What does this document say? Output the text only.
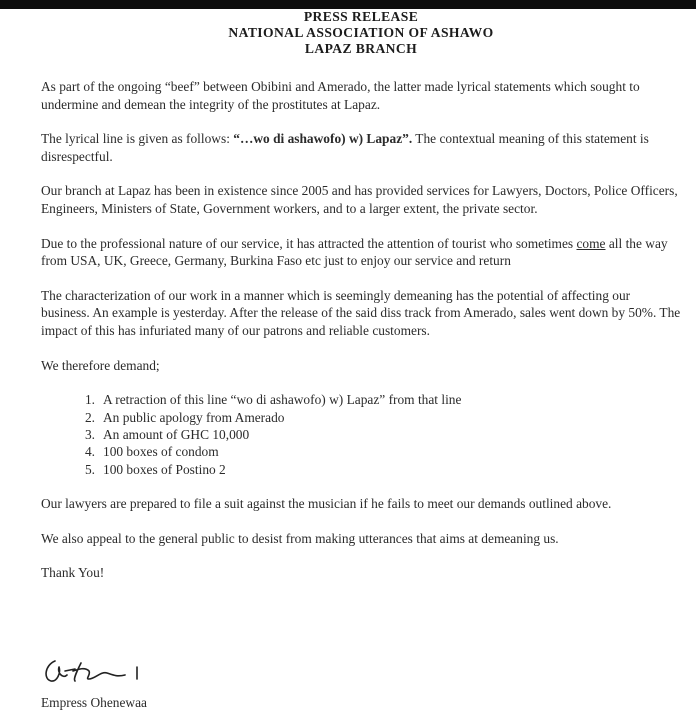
PRESS RELEASE
NATIONAL ASSOCIATION OF ASHAWO
LAPAZ BRANCH

As part of the ongoing “beef” between Obibini and Amerado, the latter made lyrical statements which sought to undermine and demean the integrity of the prostitutes at Lapaz.

The lyrical line is given as follows: “…wo di ashawofo) w) Lapaz”. The contextual meaning of this statement is disrespectful.

Our branch at Lapaz has been in existence since 2005 and has provided services for Lawyers, Doctors, Police Officers, Engineers, Ministers of State, Government workers, and to a larger extent, the private sector.

Due to the professional nature of our service, it has attracted the attention of tourist who sometimes come all the way from USA, UK, Greece, Germany, Burkina Faso etc just to enjoy our service and return

The characterization of our work in a manner which is seemingly demeaning has the potential of affecting our business. An example is yesterday. After the release of the said diss track from Amerado, sales went down by 50%. The impact of this has infuriated many of our patrons and reliable customers.

We therefore demand;

1. A retraction of this line “wo di ashawofo) w) Lapaz” from that line
2. An public apology from Amerado
3. An amount of GHC 10,000
4. 100 boxes of condom
5. 100 boxes of Postino 2

Our lawyers are prepared to file a suit against the musician if he fails to meet our demands outlined above.

We also appeal to the general public to desist from making utterances that aims at demeaning us.

Thank You!

Empress Ohenewaa
